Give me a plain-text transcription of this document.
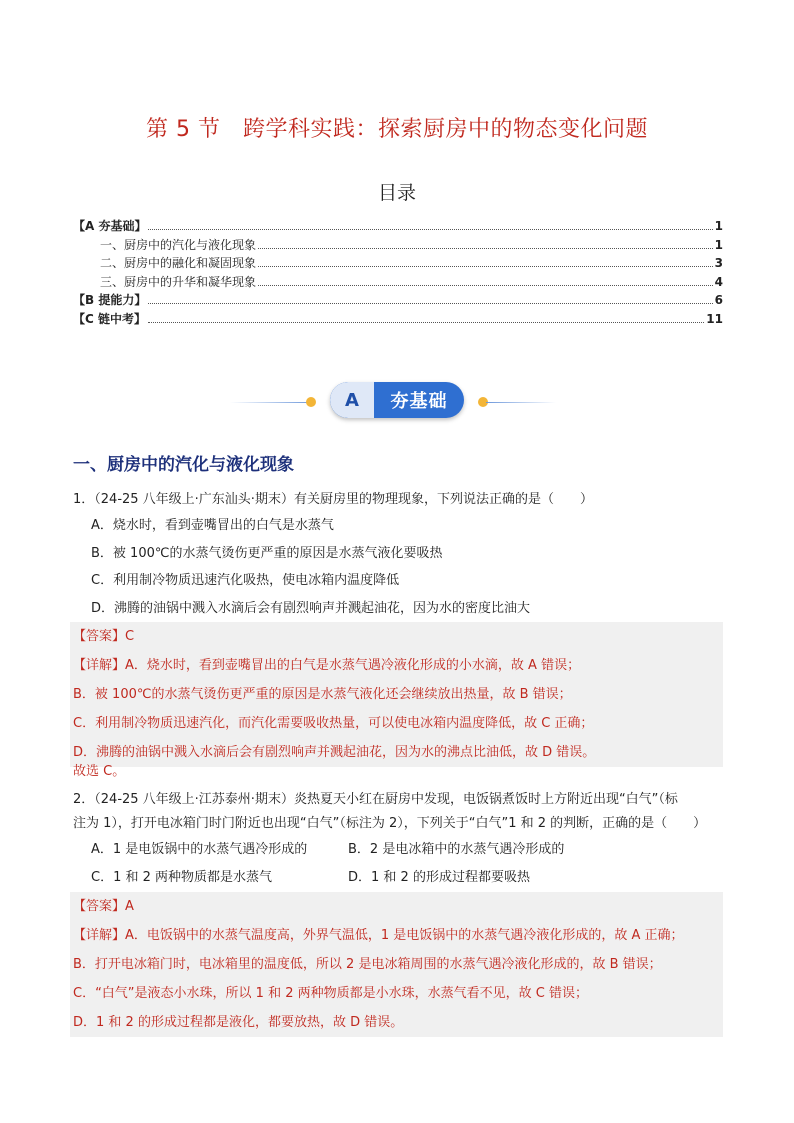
第 5 节　跨学科实践：探索厨房中的物态变化问题
目录
【A 夯基础】	1
一、厨房中的汽化与液化现象	1
二、厨房中的融化和凝固现象	3
三、厨房中的升华和凝华现象	4
【B 提能力】	6
【C 链中考】	11
A	夯基础
一、厨房中的汽化与液化现象
1．（24-25 八年级上·广东汕头·期末）有关厨房里的物理现象，下列说法正确的是（　　）
A．烧水时，看到壶嘴冒出的白气是水蒸气
B．被 100℃的水蒸气烫伤更严重的原因是水蒸气液化要吸热
C．利用制冷物质迅速汽化吸热，使电冰箱内温度降低
D．沸腾的油锅中溅入水滴后会有剧烈响声并溅起油花，因为水的密度比油大
【答案】C
【详解】A．烧水时，看到壶嘴冒出的白气是水蒸气遇冷液化形成的小水滴，故 A 错误；
B．被 100℃的水蒸气烫伤更严重的原因是水蒸气液化还会继续放出热量，故 B 错误；
C．利用制冷物质迅速汽化，而汽化需要吸收热量，可以使电冰箱内温度降低，故 C 正确；
D．沸腾的油锅中溅入水滴后会有剧烈响声并溅起油花，因为水的沸点比油低，故 D 错误。
故选 C。
2．（24-25 八年级上·江苏泰州·期末）炎热夏天小红在厨房中发现，电饭锅煮饭时上方附近出现“白气”（标
注为 1），打开电冰箱门时门附近也出现“白气”（标注为 2），下列关于“白气”1 和 2 的判断，正确的是（　　）
A．1 是电饭锅中的水蒸气遇冷形成的	B．2 是电冰箱中的水蒸气遇冷形成的
C．1 和 2 两种物质都是水蒸气	D．1 和 2 的形成过程都要吸热
【答案】A
【详解】A．电饭锅中的水蒸气温度高，外界气温低，1 是电饭锅中的水蒸气遇冷液化形成的，故 A 正确；
B．打开电冰箱门时，电冰箱里的温度低，所以 2 是电冰箱周围的水蒸气遇冷液化形成的，故 B 错误；
C．“白气”是液态小水珠，所以 1 和 2 两种物质都是小水珠，水蒸气看不见，故 C 错误；
D．1 和 2 的形成过程都是液化，都要放热，故 D 错误。
